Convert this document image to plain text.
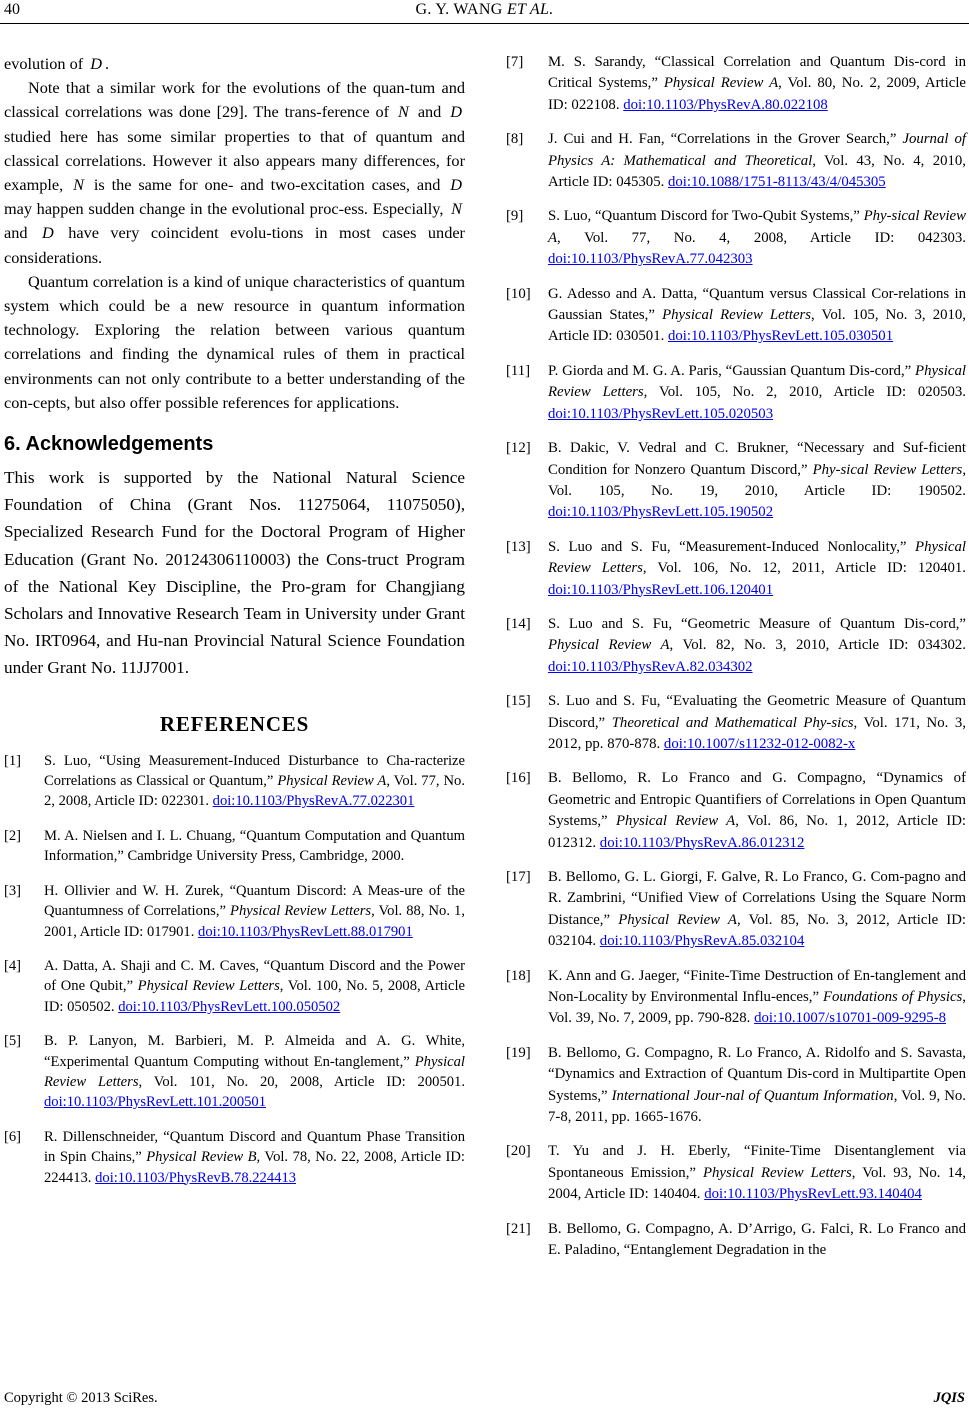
40	G. Y. WANG ET AL.

evolution of D .

Note that a similar work for the evolutions of the quan-tum and classical correlations was done [29]. The trans-ference of N and D studied here has some similar properties to that of quantum and classical correlations. However it also appears many differences, for example, N is the same for one- and two-excitation cases, and D may happen sudden change in the evolutional proc-ess. Especially, N and D have very coincident evolu-tions in most cases under considerations.

Quantum correlation is a kind of unique characteristics of quantum system which could be a new resource in quantum information technology. Exploring the relation between various quantum correlations and finding the dynamical rules of them in practical environments can not only contribute to a better understanding of the con-cepts, but also offer possible references for applications.

6. Acknowledgements

This work is supported by the National Natural Science Foundation of China (Grant Nos. 11275064, 11075050), Specialized Research Fund for the Doctoral Program of Higher Education (Grant No. 20124306110003) the Cons-truct Program of the National Key Discipline, the Pro-gram for Changjiang Scholars and Innovative Research Team in University under Grant No. IRT0964, and Hu-nan Provincial Natural Science Foundation under Grant No. 11JJ7001.

REFERENCES
[1] S. Luo, “Using Measurement-Induced Disturbance to Cha-racterize Correlations as Classical or Quantum,” Physical Review A, Vol. 77, No. 2, 2008, Article ID: 022301. doi:10.1103/PhysRevA.77.022301
[2] M. A. Nielsen and I. L. Chuang, “Quantum Computation and Quantum Information,” Cambridge University Press, Cambridge, 2000.
[3] H. Ollivier and W. H. Zurek, “Quantum Discord: A Meas-ure of the Quantumness of Correlations,” Physical Review Letters, Vol. 88, No. 1, 2001, Article ID: 017901. doi:10.1103/PhysRevLett.88.017901
[4] A. Datta, A. Shaji and C. M. Caves, “Quantum Discord and the Power of One Qubit,” Physical Review Letters, Vol. 100, No. 5, 2008, Article ID: 050502. doi:10.1103/PhysRevLett.100.050502
[5] B. P. Lanyon, M. Barbieri, M. P. Almeida and A. G. White, “Experimental Quantum Computing without En-tanglement,” Physical Review Letters, Vol. 101, No. 20, 2008, Article ID: 200501. doi:10.1103/PhysRevLett.101.200501
[6] R. Dillenschneider, “Quantum Discord and Quantum Phase Transition in Spin Chains,” Physical Review B, Vol. 78, No. 22, 2008, Article ID: 224413. doi:10.1103/PhysRevB.78.224413
[7] M. S. Sarandy, “Classical Correlation and Quantum Dis-cord in Critical Systems,” Physical Review A, Vol. 80, No. 2, 2009, Article ID: 022108. doi:10.1103/PhysRevA.80.022108
[8] J. Cui and H. Fan, “Correlations in the Grover Search,” Journal of Physics A: Mathematical and Theoretical, Vol. 43, No. 4, 2010, Article ID: 045305. doi:10.1088/1751-8113/43/4/045305
[9] S. Luo, “Quantum Discord for Two-Qubit Systems,” Phy-sical Review A, Vol. 77, No. 4, 2008, Article ID: 042303. doi:10.1103/PhysRevA.77.042303
[10] G. Adesso and A. Datta, “Quantum versus Classical Cor-relations in Gaussian States,” Physical Review Letters, Vol. 105, No. 3, 2010, Article ID: 030501. doi:10.1103/PhysRevLett.105.030501
[11] P. Giorda and M. G. A. Paris, “Gaussian Quantum Dis-cord,” Physical Review Letters, Vol. 105, No. 2, 2010, Article ID: 020503. doi:10.1103/PhysRevLett.105.020503
[12] B. Dakic, V. Vedral and C. Brukner, “Necessary and Suf-ficient Condition for Nonzero Quantum Discord,” Phy-sical Review Letters, Vol. 105, No. 19, 2010, Article ID: 190502. doi:10.1103/PhysRevLett.105.190502
[13] S. Luo and S. Fu, “Measurement-Induced Nonlocality,” Physical Review Letters, Vol. 106, No. 12, 2011, Article ID: 120401. doi:10.1103/PhysRevLett.106.120401
[14] S. Luo and S. Fu, “Geometric Measure of Quantum Dis-cord,” Physical Review A, Vol. 82, No. 3, 2010, Article ID: 034302. doi:10.1103/PhysRevA.82.034302
[15] S. Luo and S. Fu, “Evaluating the Geometric Measure of Quantum Discord,” Theoretical and Mathematical Phy-sics, Vol. 171, No. 3, 2012, pp. 870-878. doi:10.1007/s11232-012-0082-x
[16] B. Bellomo, R. Lo Franco and G. Compagno, “Dynamics of Geometric and Entropic Quantifiers of Correlations in Open Quantum Systems,” Physical Review A, Vol. 86, No. 1, 2012, Article ID: 012312. doi:10.1103/PhysRevA.86.012312
[17] B. Bellomo, G. L. Giorgi, F. Galve, R. Lo Franco, G. Com-pagno and R. Zambrini, “Unified View of Correlations Using the Square Norm Distance,” Physical Review A, Vol. 85, No. 3, 2012, Article ID: 032104. doi:10.1103/PhysRevA.85.032104
[18] K. Ann and G. Jaeger, “Finite-Time Destruction of En-tanglement and Non-Locality by Environmental Influ-ences,” Foundations of Physics, Vol. 39, No. 7, 2009, pp. 790-828. doi:10.1007/s10701-009-9295-8
[19] B. Bellomo, G. Compagno, R. Lo Franco, A. Ridolfo and S. Savasta, “Dynamics and Extraction of Quantum Dis-cord in Multipartite Open Systems,” International Jour-nal of Quantum Information, Vol. 9, No. 7-8, 2011, pp. 1665-1676.
[20] T. Yu and J. H. Eberly, “Finite-Time Disentanglement via Spontaneous Emission,” Physical Review Letters, Vol. 93, No. 14, 2004, Article ID: 140404. doi:10.1103/PhysRevLett.93.140404
[21] B. Bellomo, G. Compagno, A. D’Arrigo, G. Falci, R. Lo Franco and E. Paladino, “Entanglement Degradation in the
Copyright © 2013 SciRes.	JQIS
